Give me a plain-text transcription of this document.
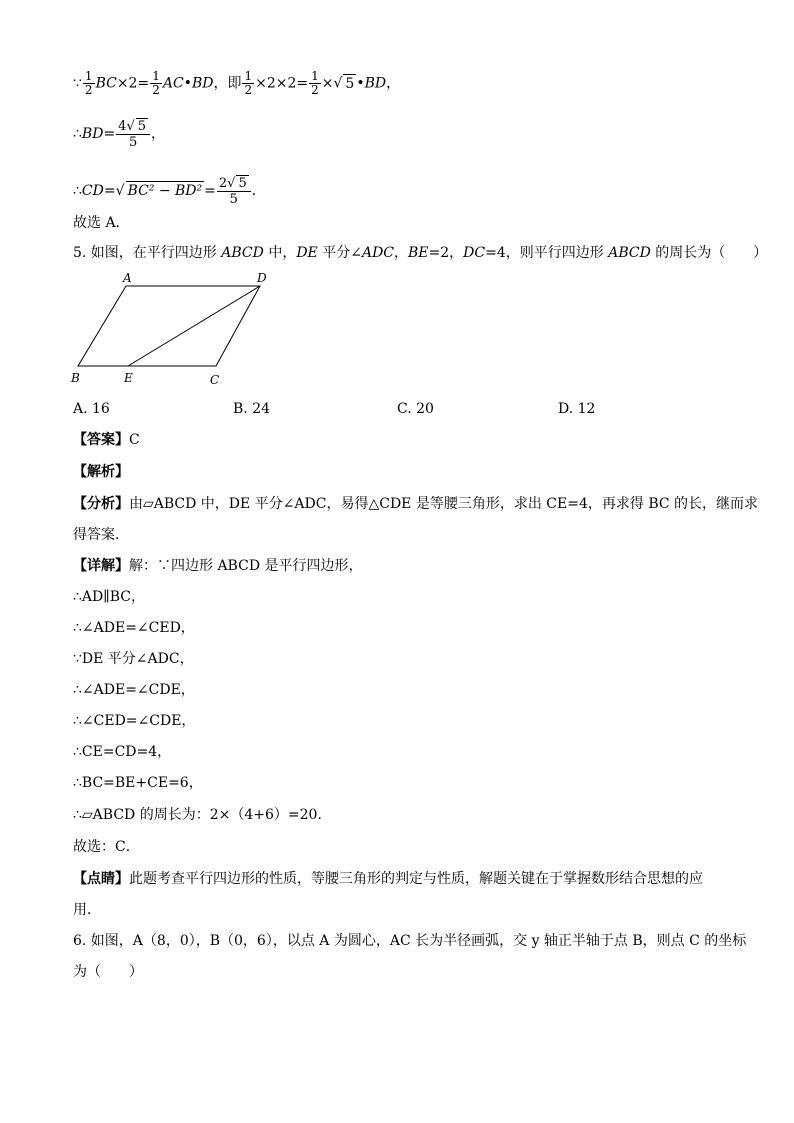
∵ $\frac{1}{2} BC\times 2= \frac{1}{2}$ AC•BD，即 $\frac{1}{2} \times 2\times 2= \frac{1}{2}$ ×√ 5 •BD，
∴BD= $\frac{4√ 5}{5}$ ，
∴CD=√ $BC^2 - BD^2 = \frac{2√ 5}{5}$ ．
故选 A．
5. 如图，在平行四边形 ABCD 中，DE 平分∠ADC，BE=2，DC=4，则平行四边形 ABCD 的周长为（　　）
A	D
B	E	C
A. 16	B. 24	C. 20	D. 12
【答案】C
【解析】
【分析】由▱ABCD 中，DE 平分∠ADC，易得△CDE 是等腰三角形，求出 CE=4，再求得 BC 的长，继而求
得答案．
【详解】解：∵四边形 ABCD 是平行四边形，
∴AD∥BC，
∴∠ADE=∠CED，
∵DE 平分∠ADC，
∴∠ADE=∠CDE，
∴∠CED=∠CDE，
∴CE=CD=4，
∴BC=BE+CE=6，
∴▱ABCD 的周长为：2×（4+6）=20．
故选：C．
【点睛】此题考查平行四边形的性质，等腰三角形的判定与性质，解题关键在于掌握数形结合思想的应
用．
6. 如图，A（8，0），B（0，6），以点 A 为圆心，AC 长为半径画弧，交 y 轴正半轴于点 B，则点 C 的坐标
为（　　）
